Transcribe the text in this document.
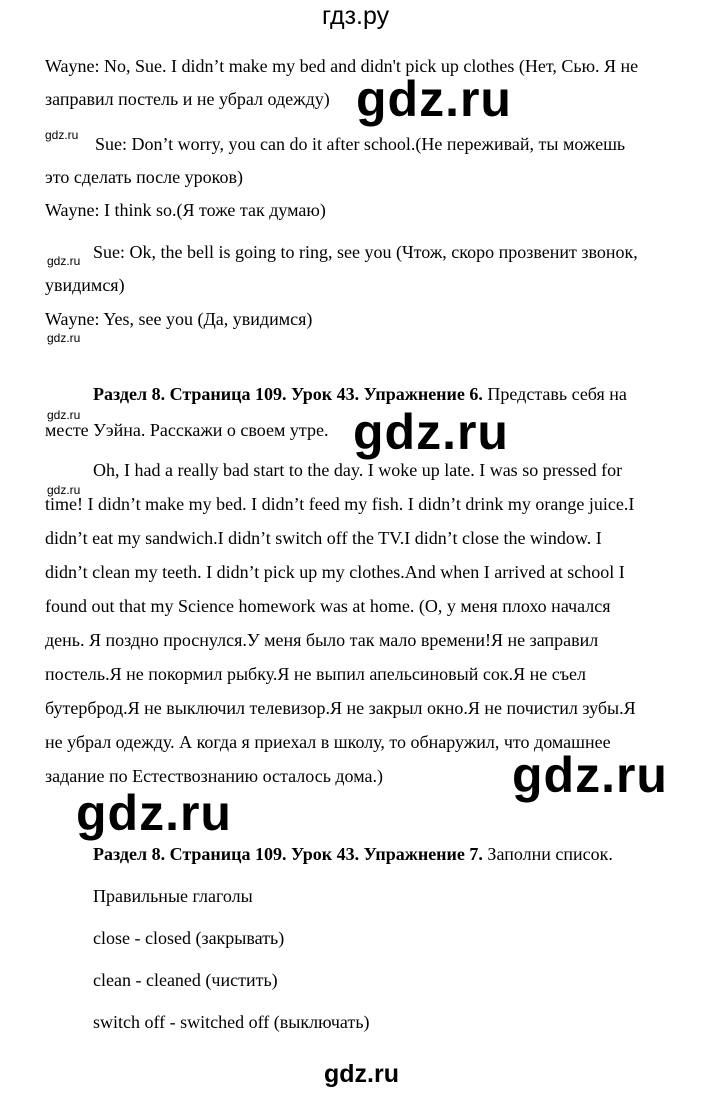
гдз.ру
Wayne: No, Sue. I didn’t make my bed and didn't pick up clothes (Нет, Сью. Я не
заправил постель и не убрал одежду) gdz.ru
gdz.ru Sue: Don’t worry, you can do it after school.(Не переживай, ты можешь
это сделать после уроков)
Wayne: I think so.(Я тоже так думаю)
gdz.ru Sue: Ok, the bell is going to ring, see you (Чтож, скоро прозвенит звонок,
увидимся)
Wayne: Yes, see you (Да, увидимся)
gdz.ru
Раздел 8. Страница 109. Урок 43. Упражнение 6. Представь себя на
gdz.ru
месте Уэйна. Расскажи о своем утре. gdz.ru
Oh, I had a really bad start to the day. I woke up late. I was so pressed for
gdz.ru
time! I didn’t make my bed. I didn’t feed my fish. I didn’t drink my orange juice.I
didn’t eat my sandwich.I didn’t switch off the TV.I didn’t close the window. I
didn’t clean my teeth. I didn’t pick up my clothes.And when I arrived at school I
found out that my Science homework was at home. (О, у меня плохо начался
день. Я поздно проснулся.У меня было так мало времени!Я не заправил
постель.Я не покормил рыбку.Я не выпил апельсиновый сок.Я не съел
бутерброд.Я не выключил телевизор.Я не закрыл окно.Я не почистил зубы.Я
не убрал одежду. А когда я приехал в школу, то обнаружил, что домашнее
задание по Естествознанию осталось дома.)	gdz.ru
gdz.ru
Раздел 8. Страница 109. Урок 43. Упражнение 7. Заполни список.
Правильные глаголы
close - closed (закрывать)
clean - cleaned (чистить)
switch off - switched off (выключать)
gdz.ru
